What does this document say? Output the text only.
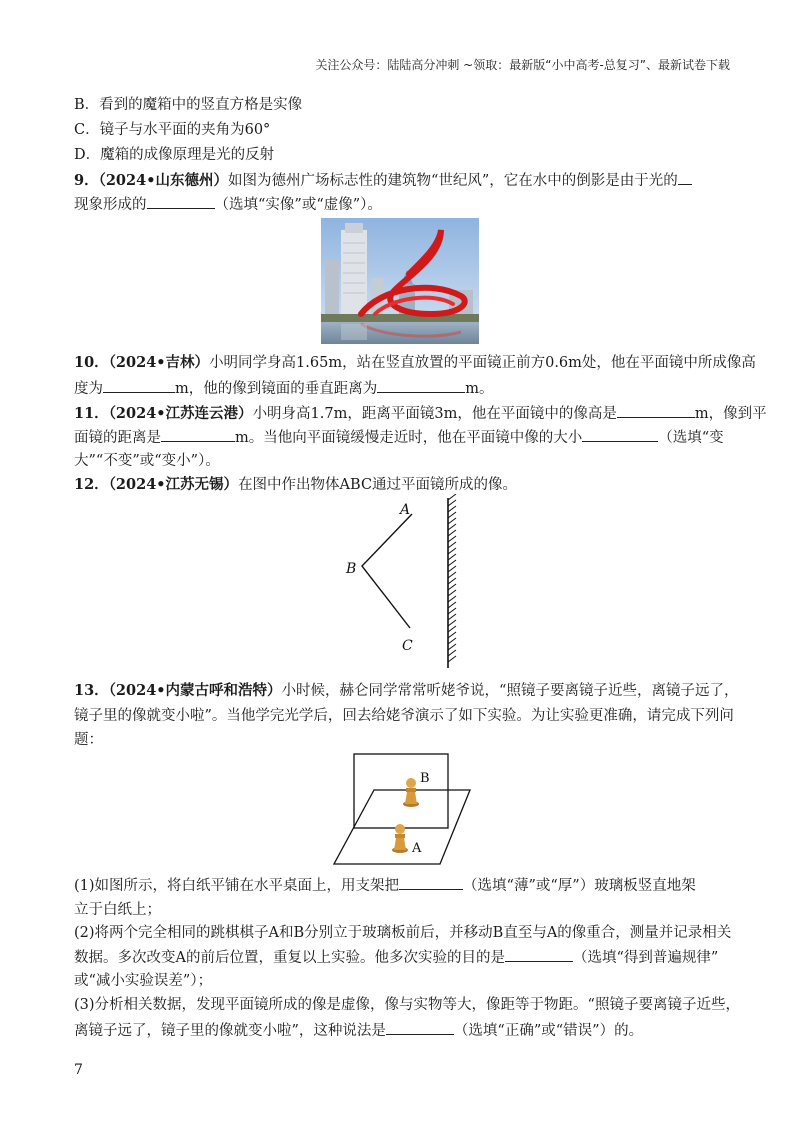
关注公众号：陆陆高分冲刺 ~领取：最新版“小中高考-总复习”、最新试卷下载
B．看到的魔箱中的竖直方格是实像
C．镜子与水平面的夹角为60°
D．魔箱的成像原理是光的反射
9．（2024•山东德州）如图为德州广场标志性的建筑物“世纪风”，它在水中的倒影是由于光的
现象形成的	（选填“实像”或“虚像”）。
10．（2024•吉林）小明同学身高1.65m，站在竖直放置的平面镜正前方0.6m处，他在平面镜中所成像高
度为	m，他的像到镜面的垂直距离为	m。
11．（2024•江苏连云港）小明身高1.7m，距离平面镜3m，他在平面镜中的像高是	m，像到平
面镜的距离是	m。当他向平面镜缓慢走近时，他在平面镜中像的大小	（选填“变
大”“不变”或“变小”）。
12．（2024•江苏无锡）在图中作出物体ABC通过平面镜所成的像。
A
B
C
13．（2024•内蒙古呼和浩特）小时候，赫仑同学常常听姥爷说，“照镜子要离镜子近些，离镜子远了，
镜子里的像就变小啦”。当他学完光学后，回去给姥爷演示了如下实验。为让实验更准确，请完成下列问
题：
B
A
(1)如图所示，将白纸平铺在水平桌面上，用支架把	（选填“薄”或“厚”）玻璃板竖直地架
立于白纸上；
(2)将两个完全相同的跳棋棋子A和B分别立于玻璃板前后，并移动B直至与A的像重合，测量并记录相关
数据。多次改变A的前后位置，重复以上实验。他多次实验的目的是	（选填“得到普遍规律”
或“减小实验误差”）；
(3)分析相关数据，发现平面镜所成的像是虚像，像与实物等大，像距等于物距。“照镜子要离镜子近些，
离镜子远了，镜子里的像就变小啦”，这种说法是	（选填“正确”或“错误”）的。
7
